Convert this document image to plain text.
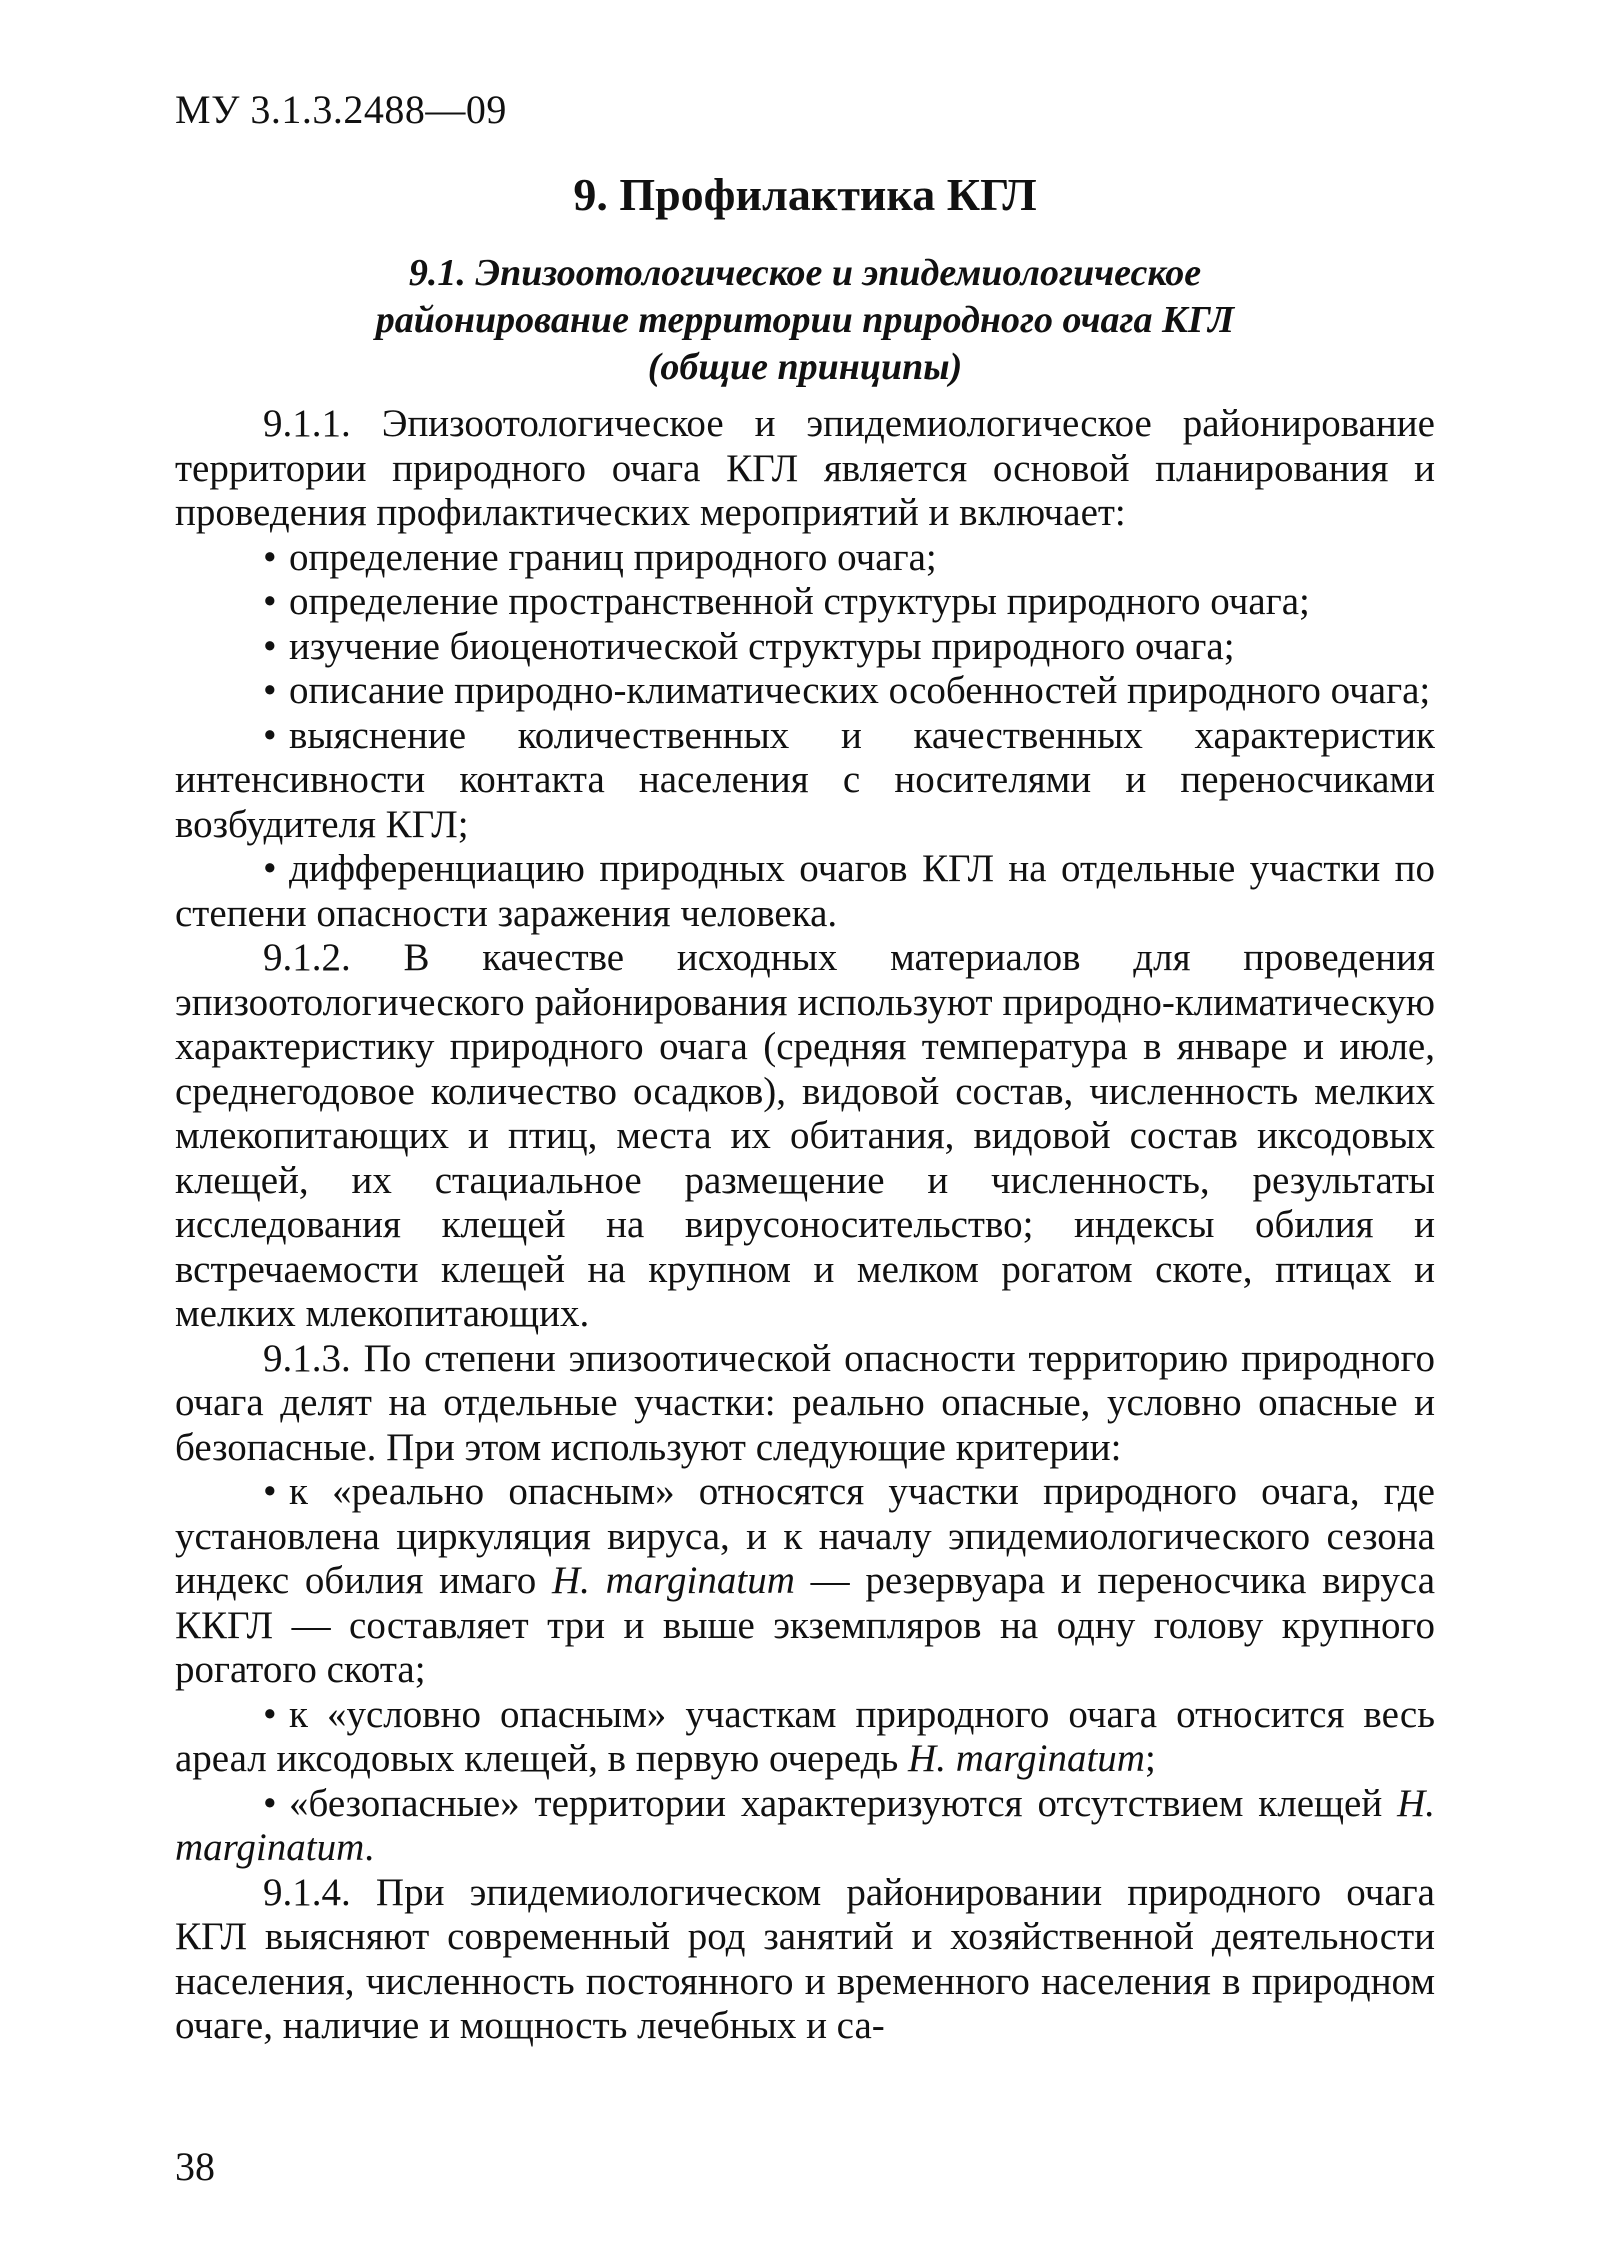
МУ 3.1.3.2488—09
9. Профилактика КГЛ
9.1. Эпизоотологическое и эпидемиологическое
районирование территории природного очага КГЛ
(общие принципы)

9.1.1. Эпизоотологическое и эпидемиологическое районирование территории природного очага КГЛ является основой планирования и проведения профилактических мероприятий и включает:

• определение границ природного очага;

• определение пространственной структуры природного очага;

• изучение биоценотической структуры природного очага;

• описание природно-климатических особенностей природного очага;

• выяснение количественных и качественных характеристик интенсивности контакта населения с носителями и переносчиками возбудителя КГЛ;

• дифференциацию природных очагов КГЛ на отдельные участки по степени опасности заражения человека.

9.1.2. В качестве исходных материалов для проведения эпизоотологического районирования используют природно-климатическую характеристику природного очага (средняя температура в январе и июле, среднегодовое количество осадков), видовой состав, численность мелких млекопитающих и птиц, места их обитания, видовой состав иксодовых клещей, их стациальное размещение и численность, результаты исследования клещей на вирусоносительство; индексы обилия и встречаемости клещей на крупном и мелком рогатом скоте, птицах и мелких млекопитающих.

9.1.3. По степени эпизоотической опасности территорию природного очага делят на отдельные участки: реально опасные, условно опасные и безопасные. При этом используют следующие критерии:

• к «реально опасным» относятся участки природного очага, где установлена циркуляция вируса, и к началу эпидемиологического сезона индекс обилия имаго H. marginatum — резервуара и переносчика вируса ККГЛ — составляет три и выше экземпляров на одну голову крупного рогатого скота;

• к «условно опасным» участкам природного очага относится весь ареал иксодовых клещей, в первую очередь H. marginatum;

• «безопасные» территории характеризуются отсутствием клещей H. marginatum.

9.1.4. При эпидемиологическом районировании природного очага КГЛ выясняют современный род занятий и хозяйственной деятельности населения, численность постоянного и временного населения в природном очаге, наличие и мощность лечебных и са-

38
